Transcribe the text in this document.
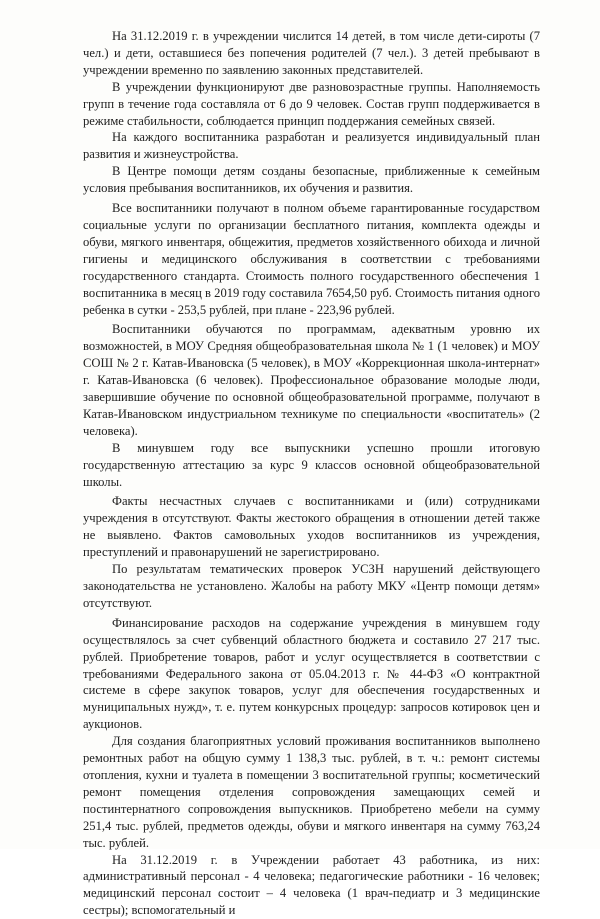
На 31.12.2019 г. в учреждении числится 14 детей, в том числе дети-сироты (7 чел.) и дети, оставшиеся без попечения родителей (7 чел.). 3 детей пребывают в учреждении временно по заявлению законных представителей.

В учреждении функционируют две разновозрастные группы. Наполняемость групп в течение года составляла от 6 до 9 человек. Состав групп поддерживается в режиме стабильности, соблюдается принцип поддержания семейных связей.

На каждого воспитанника разработан и реализуется индивидуальный план развития и жизнеустройства.

В Центре помощи детям созданы безопасные, приближенные к семейным условия пребывания воспитанников, их обучения и развития.

Все воспитанники получают в полном объеме гарантированные государством социальные услуги по организации бесплатного питания, комплекта одежды и обуви, мягкого инвентаря, общежития, предметов хозяйственного обихода и личной гигиены и медицинского обслуживания в соответствии с требованиями государственного стандарта. Стоимость полного государственного обеспечения 1 воспитанника в месяц в 2019 году составила 7654,50 руб. Стоимость питания одного ребенка в сутки - 253,5 рублей, при плане - 223,96 рублей.

Воспитанники обучаются по программам, адекватным уровню их возможностей, в МОУ Средняя общеобразовательная школа № 1 (1 человек) и МОУ СОШ № 2 г. Катав-Ивановска (5 человек), в МОУ «Коррекционная школа-интернат» г. Катав-Ивановска (6 человек). Профессиональное образование молодые люди, завершившие обучение по основной общеобразовательной программе, получают в Катав-Ивановском индустриальном техникуме по специальности «воспитатель» (2 человека).

В минувшем году все выпускники успешно прошли итоговую государственную аттестацию за курс 9 классов основной общеобразовательной школы.

Факты несчастных случаев с воспитанниками и (или) сотрудниками учреждения в отсутствуют. Факты жестокого обращения в отношении детей также не выявлено. Фактов самовольных уходов воспитанников из учреждения, преступлений и правонарушений не зарегистрировано.

По результатам тематических проверок УСЗН нарушений действующего законодательства не установлено. Жалобы на работу МКУ «Центр помощи детям» отсутствуют.

Финансирование расходов на содержание учреждения в минувшем году осуществлялось за счет субвенций областного бюджета и составило 27 217 тыс. рублей. Приобретение товаров, работ и услуг осуществляется в соответствии с требованиями Федерального закона от 05.04.2013 г. № 44-ФЗ «О контрактной системе в сфере закупок товаров, услуг для обеспечения государственных и муниципальных нужд», т. е. путем конкурсных процедур: запросов котировок цен и аукционов.

Для создания благоприятных условий проживания воспитанников выполнено ремонтных работ на общую сумму 1 138,3 тыс. рублей, в т. ч.: ремонт системы отопления, кухни и туалета в помещении 3 воспитательной группы; косметический ремонт помещения отделения сопровождения замещающих семей и постинтернатного сопровождения выпускников. Приобретено мебели на сумму 251,4 тыс. рублей, предметов одежды, обуви и мягкого инвентаря на сумму 763,24 тыс. рублей.

На 31.12.2019 г. в Учреждении работает 43 работника, из них: административный персонал - 4 человека; педагогические работники - 16 человек; медицинский персонал состоит – 4 человека (1 врач-педиатр и 3 медицинские сестры); вспомогательный и
